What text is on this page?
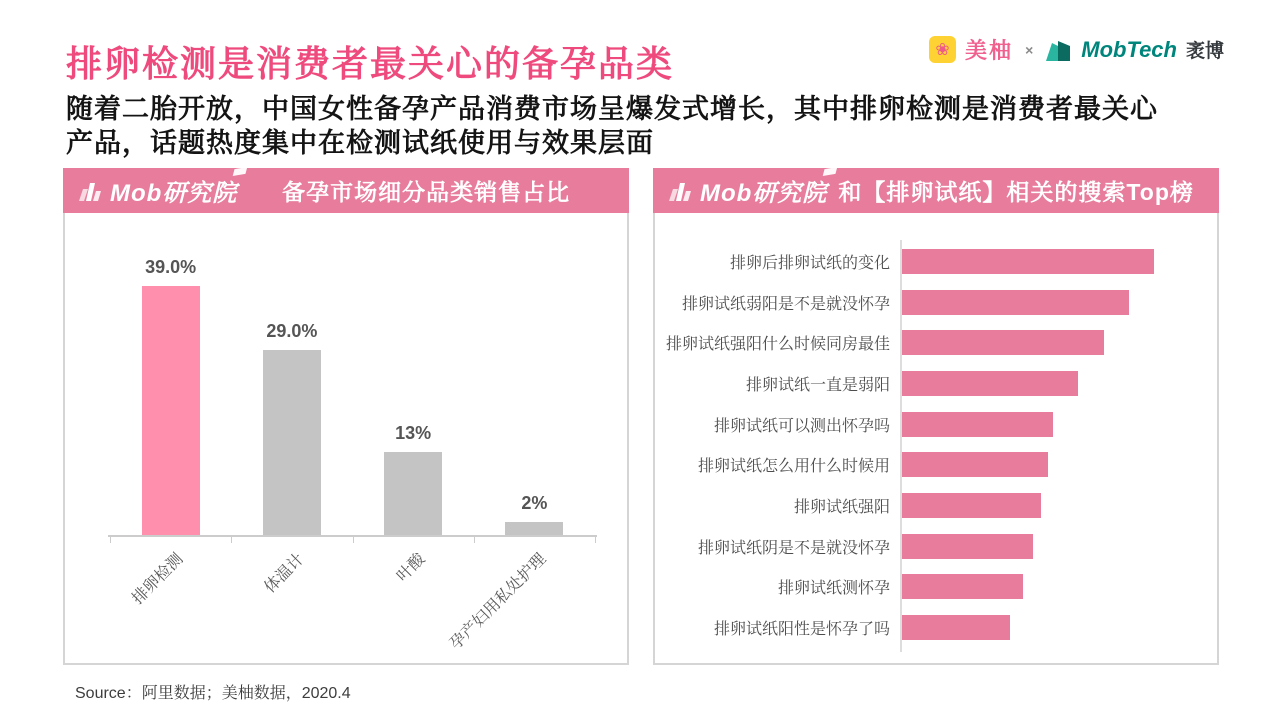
排卵检测是消费者最关心的备孕品类
随着二胎开放，中国女性备孕产品消费市场呈爆发式增长，其中排卵检测是消费者最关心
产品，话题热度集中在检测试纸使用与效果层面
❀ 美柚 × MobTech 袤博
Mob研究院	备孕市场细分品类销售占比
39.0%
排卵检测
29.0%
体温计
13%
叶酸
2%
孕产妇用私处护理
Mob研究院 和【排卵试纸】相关的搜索Top榜
排卵后排卵试纸的变化
排卵试纸弱阳是不是就没怀孕
排卵试纸强阳什么时候同房最佳
排卵试纸一直是弱阳
排卵试纸可以测出怀孕吗
排卵试纸怎么用什么时候用
排卵试纸强阳
排卵试纸阴是不是就没怀孕
排卵试纸测怀孕
排卵试纸阳性是怀孕了吗
Source：阿里数据；美柚数据，2020.4
